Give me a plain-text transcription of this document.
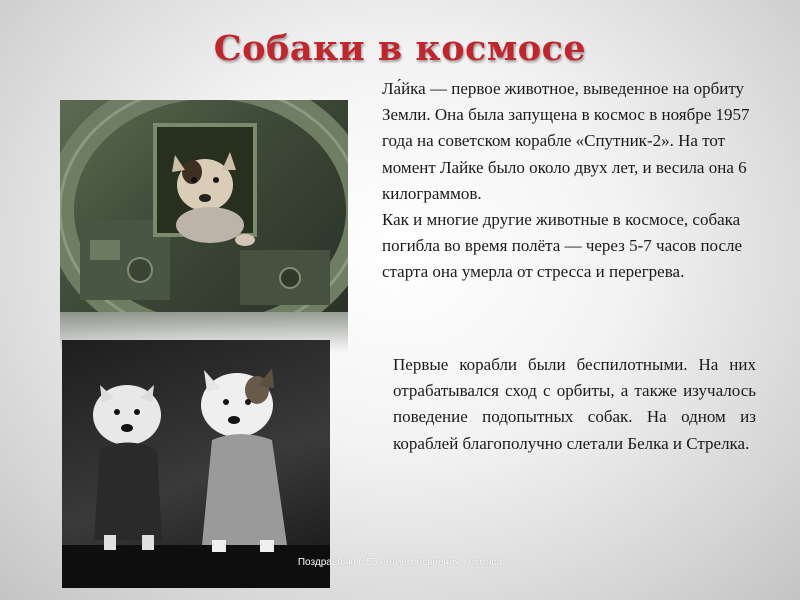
Собаки в космосе

Ла́йка — первое животное, выведенное на орбиту Земли. Она была запущена в космос в ноябре 1957 года на советском корабле «Спутник-2». На тот момент Лайке было около двух лет, и весила она 6 килограммов.

Как и многие другие животные в космосе, собака погибла во время полёта — через 5-7 часов после старта она умерла от стресса и перегрева.

Первые корабли были беспилотными. На них отрабатывался сход с орбиты, а также изучалось поведение подопытных собак. На одном из кораблей благополучно слетали Белка и Стрелка.

Поздравляю с 55 летием освоения Космоса
